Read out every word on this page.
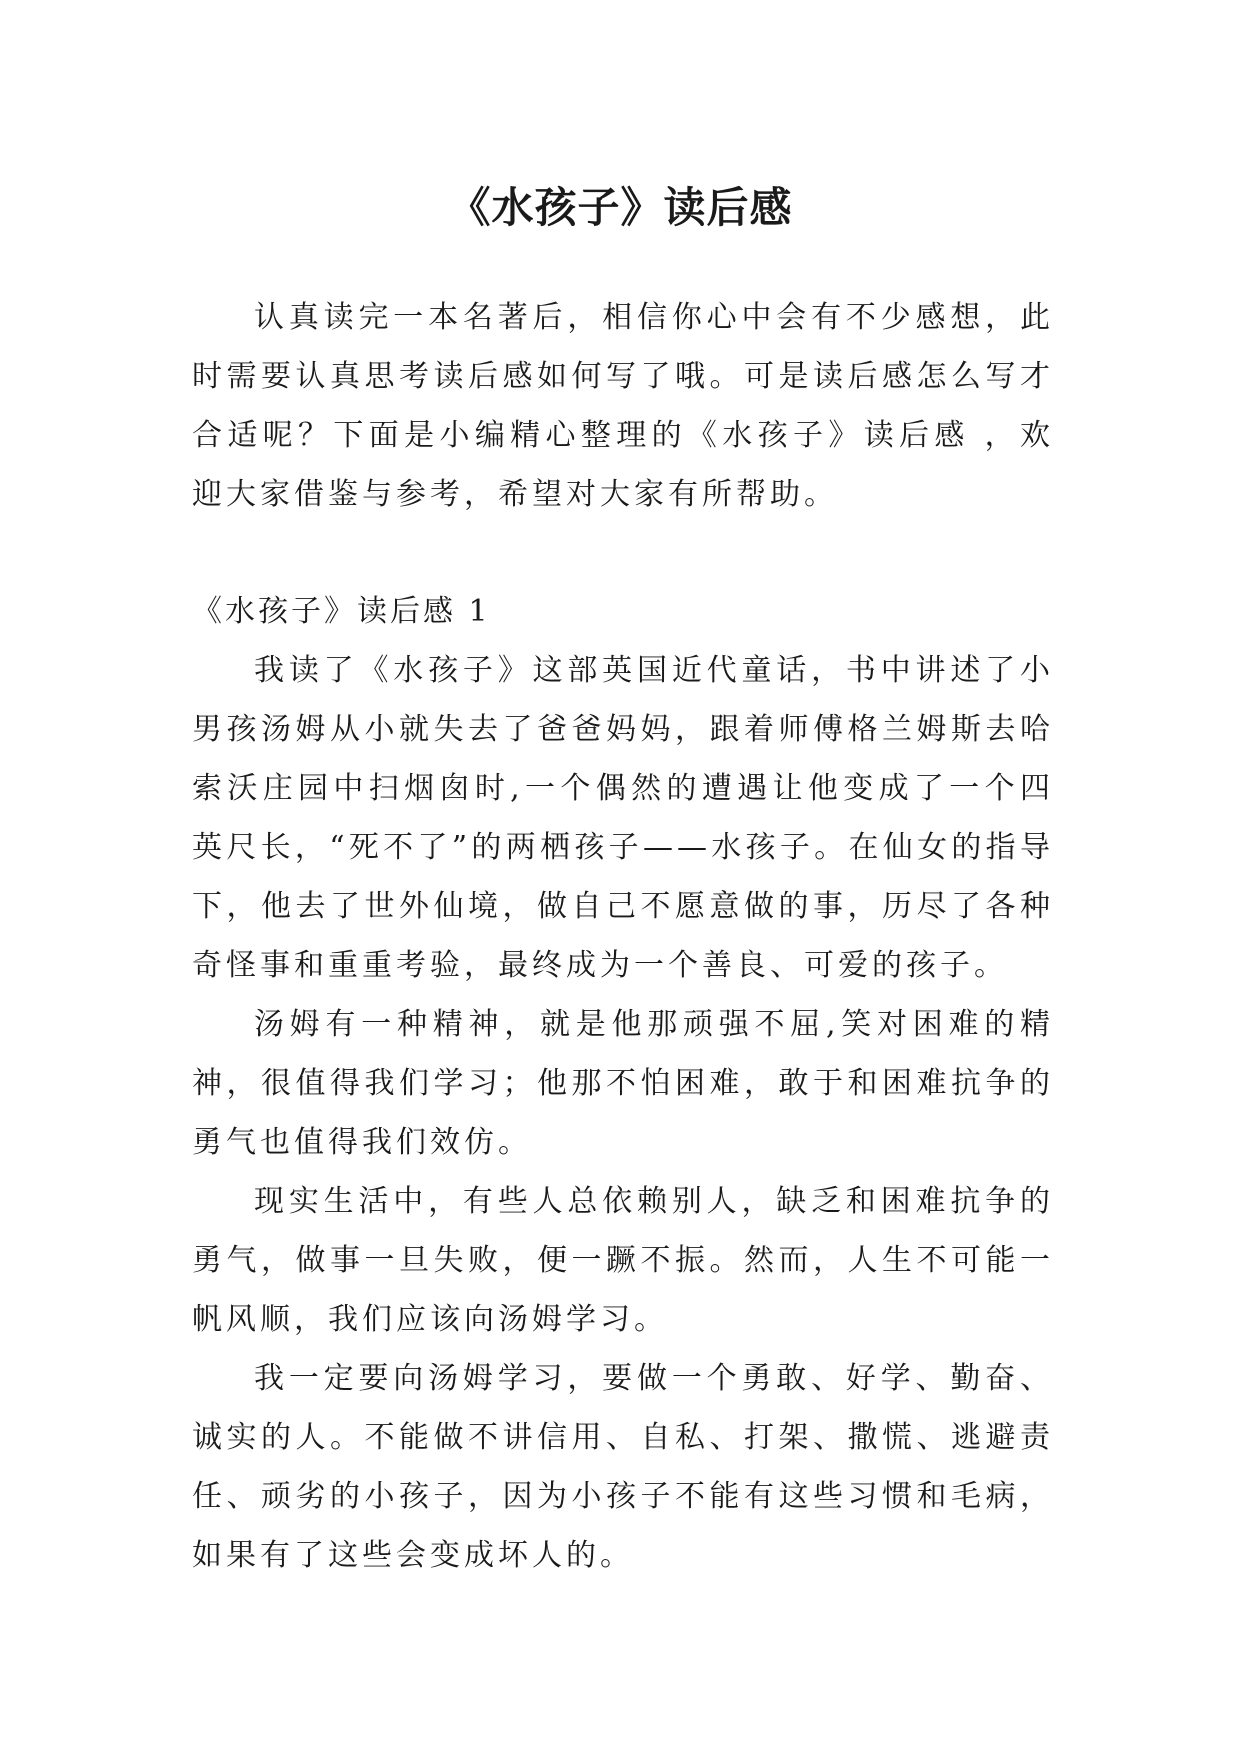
《水孩子》读后感

认真读完一本名著后，相信你心中会有不少感想，此时需要认真思考读后感如何写了哦。可是读后感怎么写才合适呢？下面是小编精心整理的《水孩子》读后感 ，欢迎大家借鉴与参考，希望对大家有所帮助。

《水孩子》读后感 1

我读了《水孩子》这部英国近代童话，书中讲述了小男孩汤姆从小就失去了爸爸妈妈，跟着师傅格兰姆斯去哈索沃庄园中扫烟囱时,一个偶然的遭遇让他变成了一个四英尺长，“死不了”的两栖孩子——水孩子。在仙女的指导下，他去了世外仙境，做自己不愿意做的事，历尽了各种奇怪事和重重考验，最终成为一个善良、可爱的孩子。

汤姆有一种精神，就是他那顽强不屈,笑对困难的精神，很值得我们学习；他那不怕困难，敢于和困难抗争的勇气也值得我们效仿。

现实生活中，有些人总依赖别人，缺乏和困难抗争的勇气，做事一旦失败，便一蹶不振。然而，人生不可能一帆风顺，我们应该向汤姆学习。

我一定要向汤姆学习，要做一个勇敢、好学、勤奋、诚实的人。不能做不讲信用、自私、打架、撒慌、逃避责任、顽劣的小孩子，因为小孩子不能有这些习惯和毛病，如果有了这些会变成坏人的。
